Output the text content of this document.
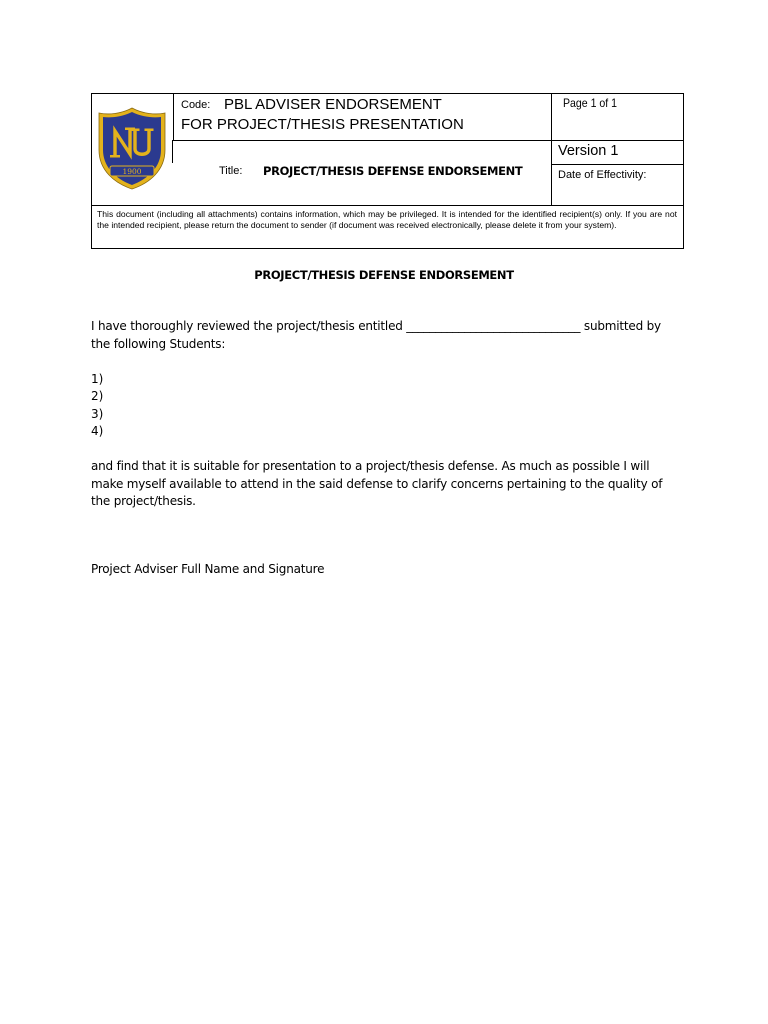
1900
Code: PBL ADVISER ENDORSEMENT
FOR PROJECT/THESIS PRESENTATION
Page 1 of 1
Version 1
Title: PROJECT/THESIS DEFENSE ENDORSEMENT	Date of Effectivity:
This document (including all attachments) contains information, which may be privileged. It is intended for the identified recipient(s) only. If you are not the intended recipient, please return the document to sender (if document was received electronically, please delete it from your system).
PROJECT/THESIS DEFENSE ENDORSEMENT
I have thoroughly reviewed the project/thesis entitled ______________________________ submitted by the following Students:
1)
2)
3)
4)
and find that it is suitable for presentation to a project/thesis defense. As much as possible I will make myself available to attend in the said defense to clarify concerns pertaining to the quality of the project/thesis.
Project Adviser Full Name and Signature
